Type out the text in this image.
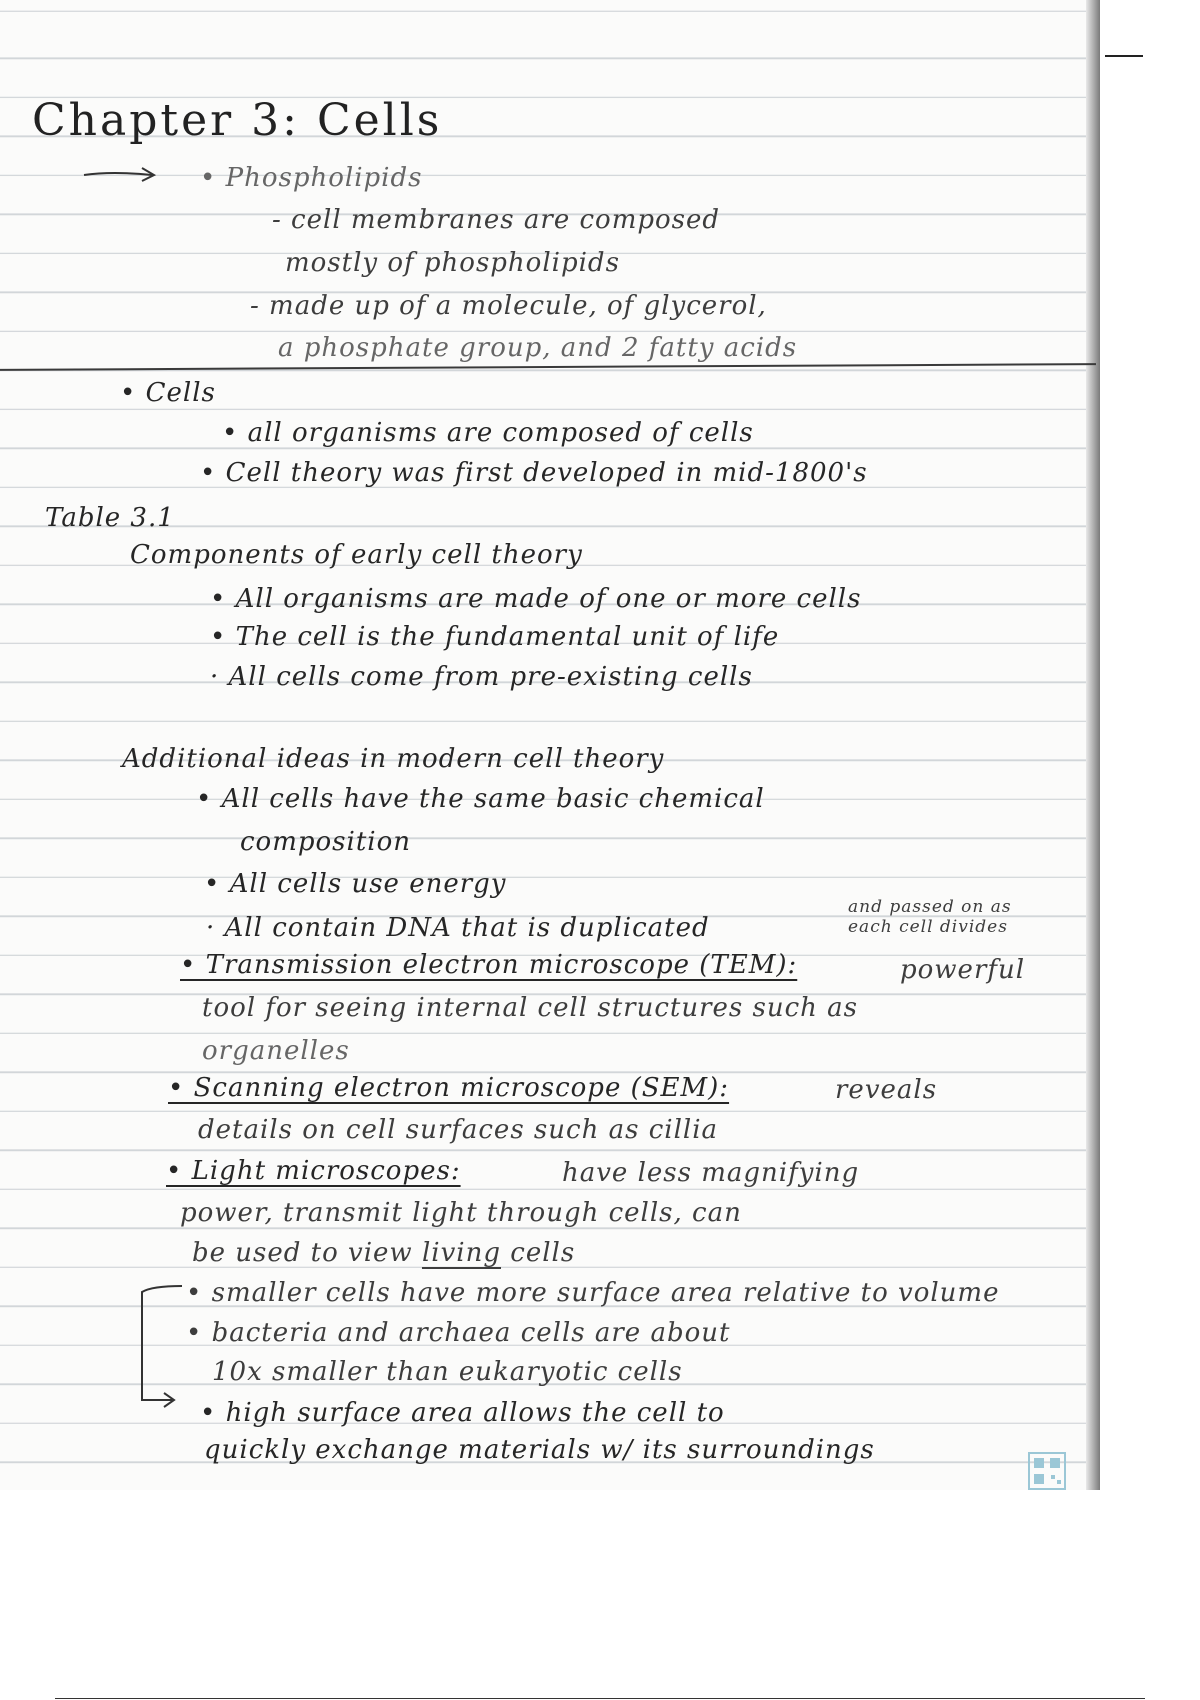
Chapter 3: Cells
• Phospholipids
- cell membranes are composed
mostly of phospholipids
- made up of a molecule, of glycerol,
a phosphate group, and 2 fatty acids
• Cells
• all organisms are composed of cells
• Cell theory was first developed in mid-1800's
Table 3.1
Components of early cell theory
• All organisms are made of one or more cells
• The cell is the fundamental unit of life
· All cells come from pre-existing cells
Additional ideas in modern cell theory
• All cells have the same basic chemical
composition
• All cells use energy
· All contain DNA that is duplicated
and passed on as
each cell divides
• Transmission electron microscope (TEM):	powerful
tool for seeing internal cell structures such as
organelles
• Scanning electron microscope (SEM):	reveals
details on cell surfaces such as cillia
• Light microscopes:	have less magnifying
power, transmit light through cells, can
be used to view living cells
• smaller cells have more surface area relative to volume
• bacteria and archaea cells are about
10x smaller than eukaryotic cells
• high surface area allows the cell to
quickly exchange materials w/ its surroundings
